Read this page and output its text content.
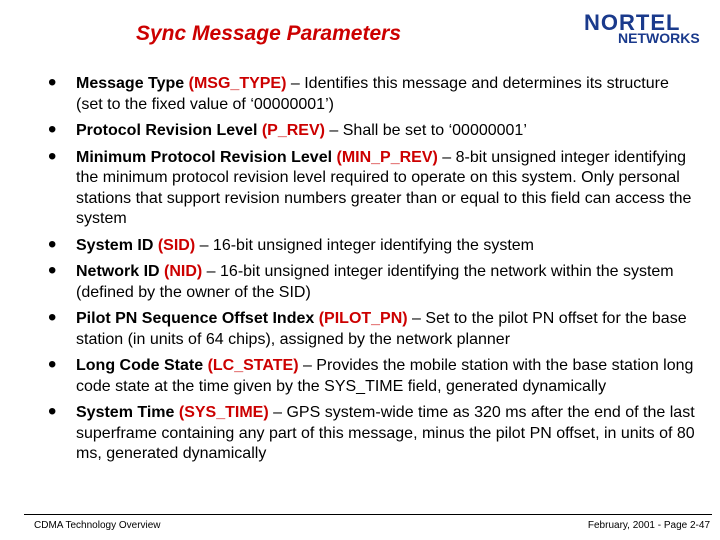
Sync Message Parameters	NORTEL
NETWORKS
• Message Type (MSG_TYPE) – Identifies this message and determines its structure (set to the fixed value of ‘00000001’)
• Protocol Revision Level (P_REV) – Shall be set to ‘00000001’
• Minimum Protocol Revision Level (MIN_P_REV) – 8-bit unsigned integer identifying the minimum protocol revision level required to operate on this system. Only personal stations that support revision numbers greater than or equal to this field can access the system
• System ID (SID) – 16-bit unsigned integer identifying the system
• Network ID (NID) – 16-bit unsigned integer identifying the network within the system (defined by the owner of the SID)
• Pilot PN Sequence Offset Index (PILOT_PN) – Set to the pilot PN offset for the base station (in units of 64 chips), assigned by the network planner
• Long Code State (LC_STATE) – Provides the mobile station with the base station long code state at the time given by the SYS_TIME field, generated dynamically
• System Time (SYS_TIME) – GPS system-wide time as 320 ms after the end of the last superframe containing any part of this message, minus the pilot PN offset, in units of 80 ms, generated dynamically
CDMA Technology Overview	February, 2001 - Page 2-47
